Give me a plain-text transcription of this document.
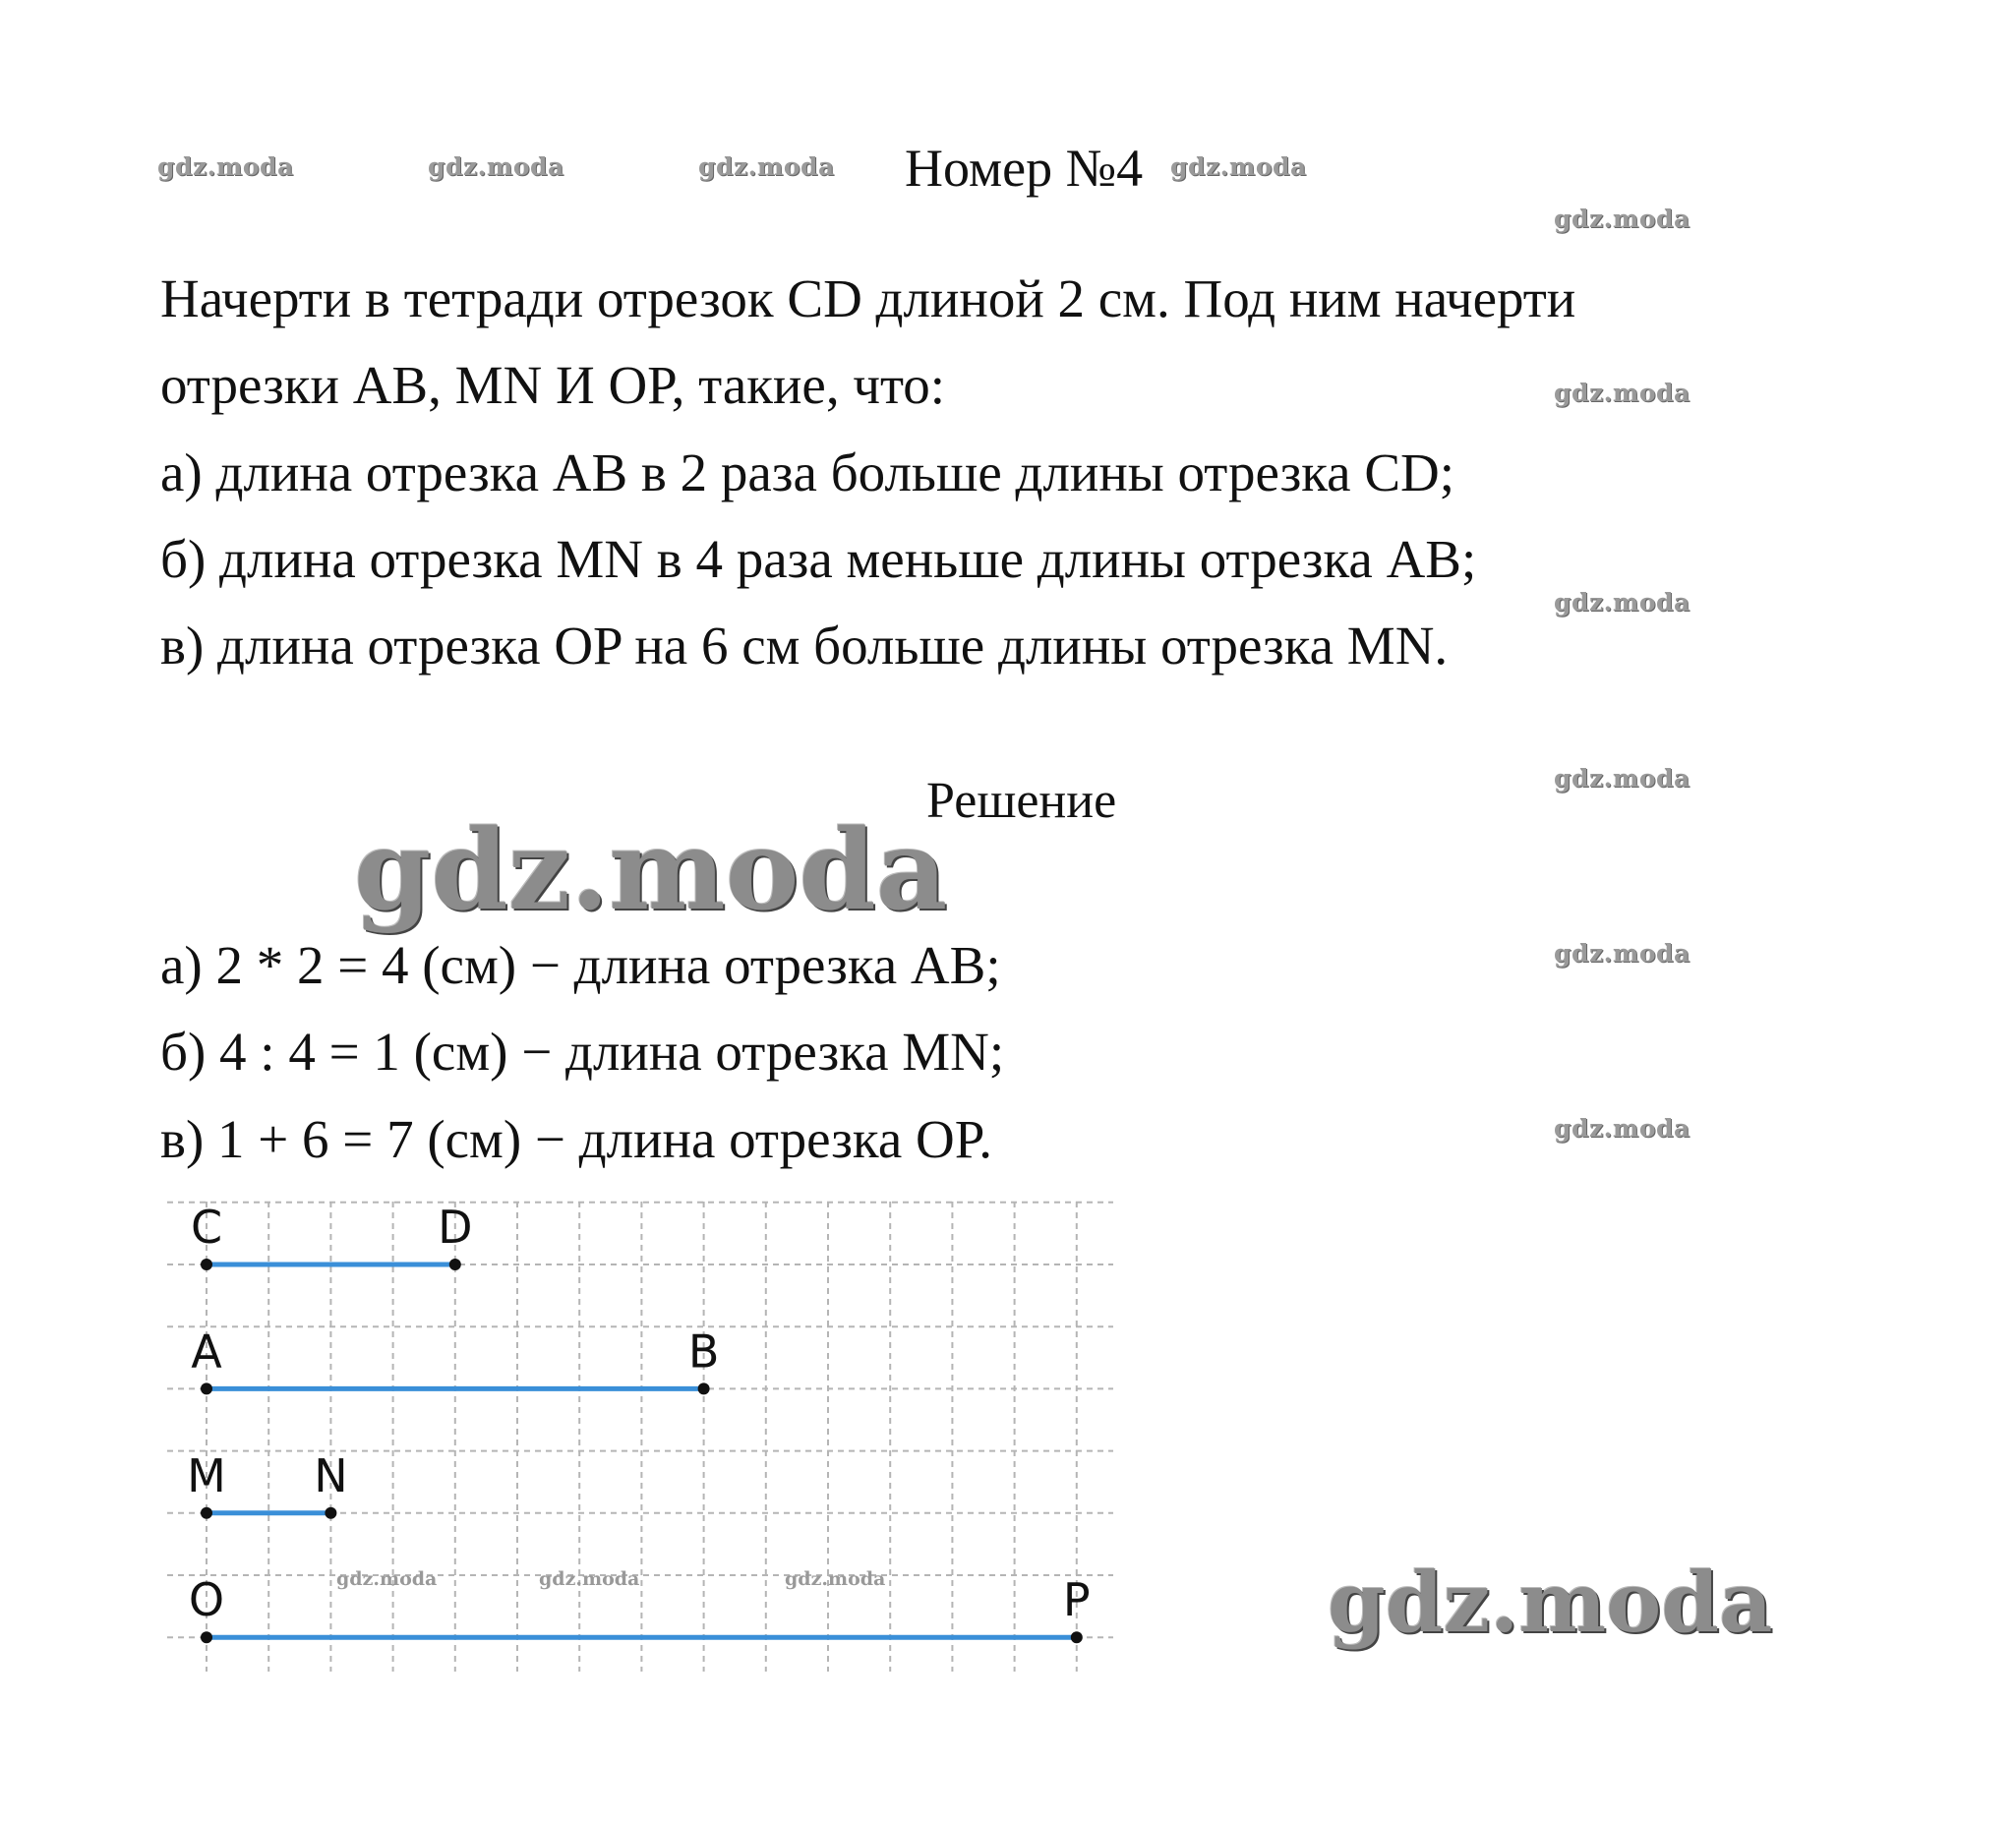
Номер №4
Начерти в тетради отрезок CD длиной 2 см. Под ним начерти
отрезки AB, MN И OP, такие, что:
а) длина отрезка AB в 2 раза больше длины отрезка CD;
б) длина отрезка MN в 4 раза меньше длины отрезка AB;
в) длина отрезка OP на 6 см больше длины отрезка MN.
Решение
а) 2 * 2 = 4 (см) − длина отрезка AB;
б) 4 : 4 = 1 (см) − длина отрезка MN;
в) 1 + 6 = 7 (см) − длина отрезка OP.
gdz.moda	gdz.moda	gdz.moda	gdz.moda
gdz.moda
gdz.moda
gdz.moda
gdz.moda
gdz.moda
gdz.moda
gdz.moda
gdz.moda
C	D
A	B
M N
O	P
gdz.moda	gdz.moda	gdz.moda
